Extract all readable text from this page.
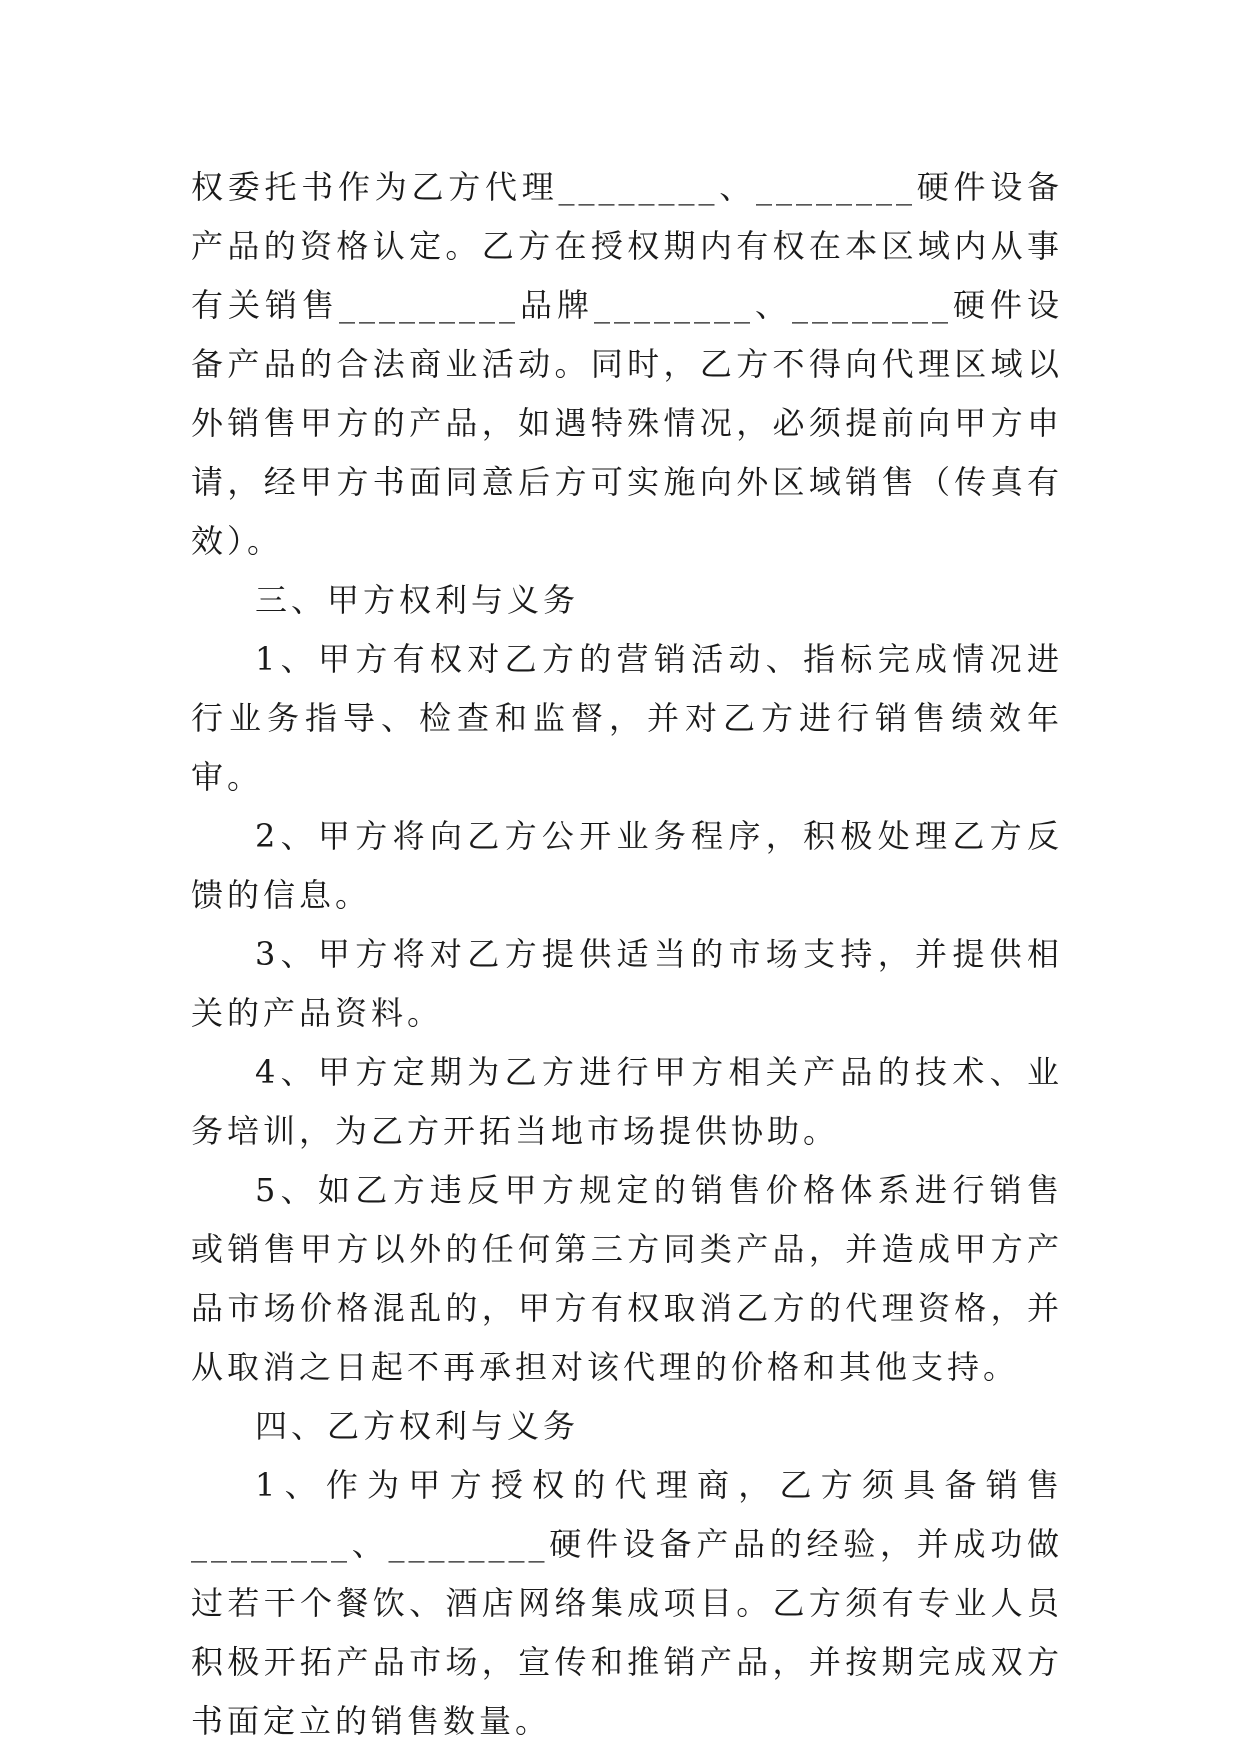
权委托书作为乙方代理________、________硬件设备产品的资格认定。乙方在授权期内有权在本区域内从事有关销售_________品牌________、________硬件设备产品的合法商业活动。同时，乙方不得向代理区域以外销售甲方的产品，如遇特殊情况，必须提前向甲方申请，经甲方书面同意后方可实施向外区域销售（传真有效）。

三、甲方权利与义务

1、甲方有权对乙方的营销活动、指标完成情况进行业务指导、检查和监督，并对乙方进行销售绩效年审。

2、甲方将向乙方公开业务程序，积极处理乙方反馈的信息。

3、甲方将对乙方提供适当的市场支持，并提供相关的产品资料。

4、甲方定期为乙方进行甲方相关产品的技术、业务培训，为乙方开拓当地市场提供协助。

5、如乙方违反甲方规定的销售价格体系进行销售或销售甲方以外的任何第三方同类产品，并造成甲方产品市场价格混乱的，甲方有权取消乙方的代理资格，并从取消之日起不再承担对该代理的价格和其他支持。

四、乙方权利与义务

1、作为甲方授权的代理商，乙方须具备销售________、________硬件设备产品的经验，并成功做过若干个餐饮、酒店网络集成项目。乙方须有专业人员积极开拓产品市场，宣传和推销产品，并按期完成双方书面定立的销售数量。
